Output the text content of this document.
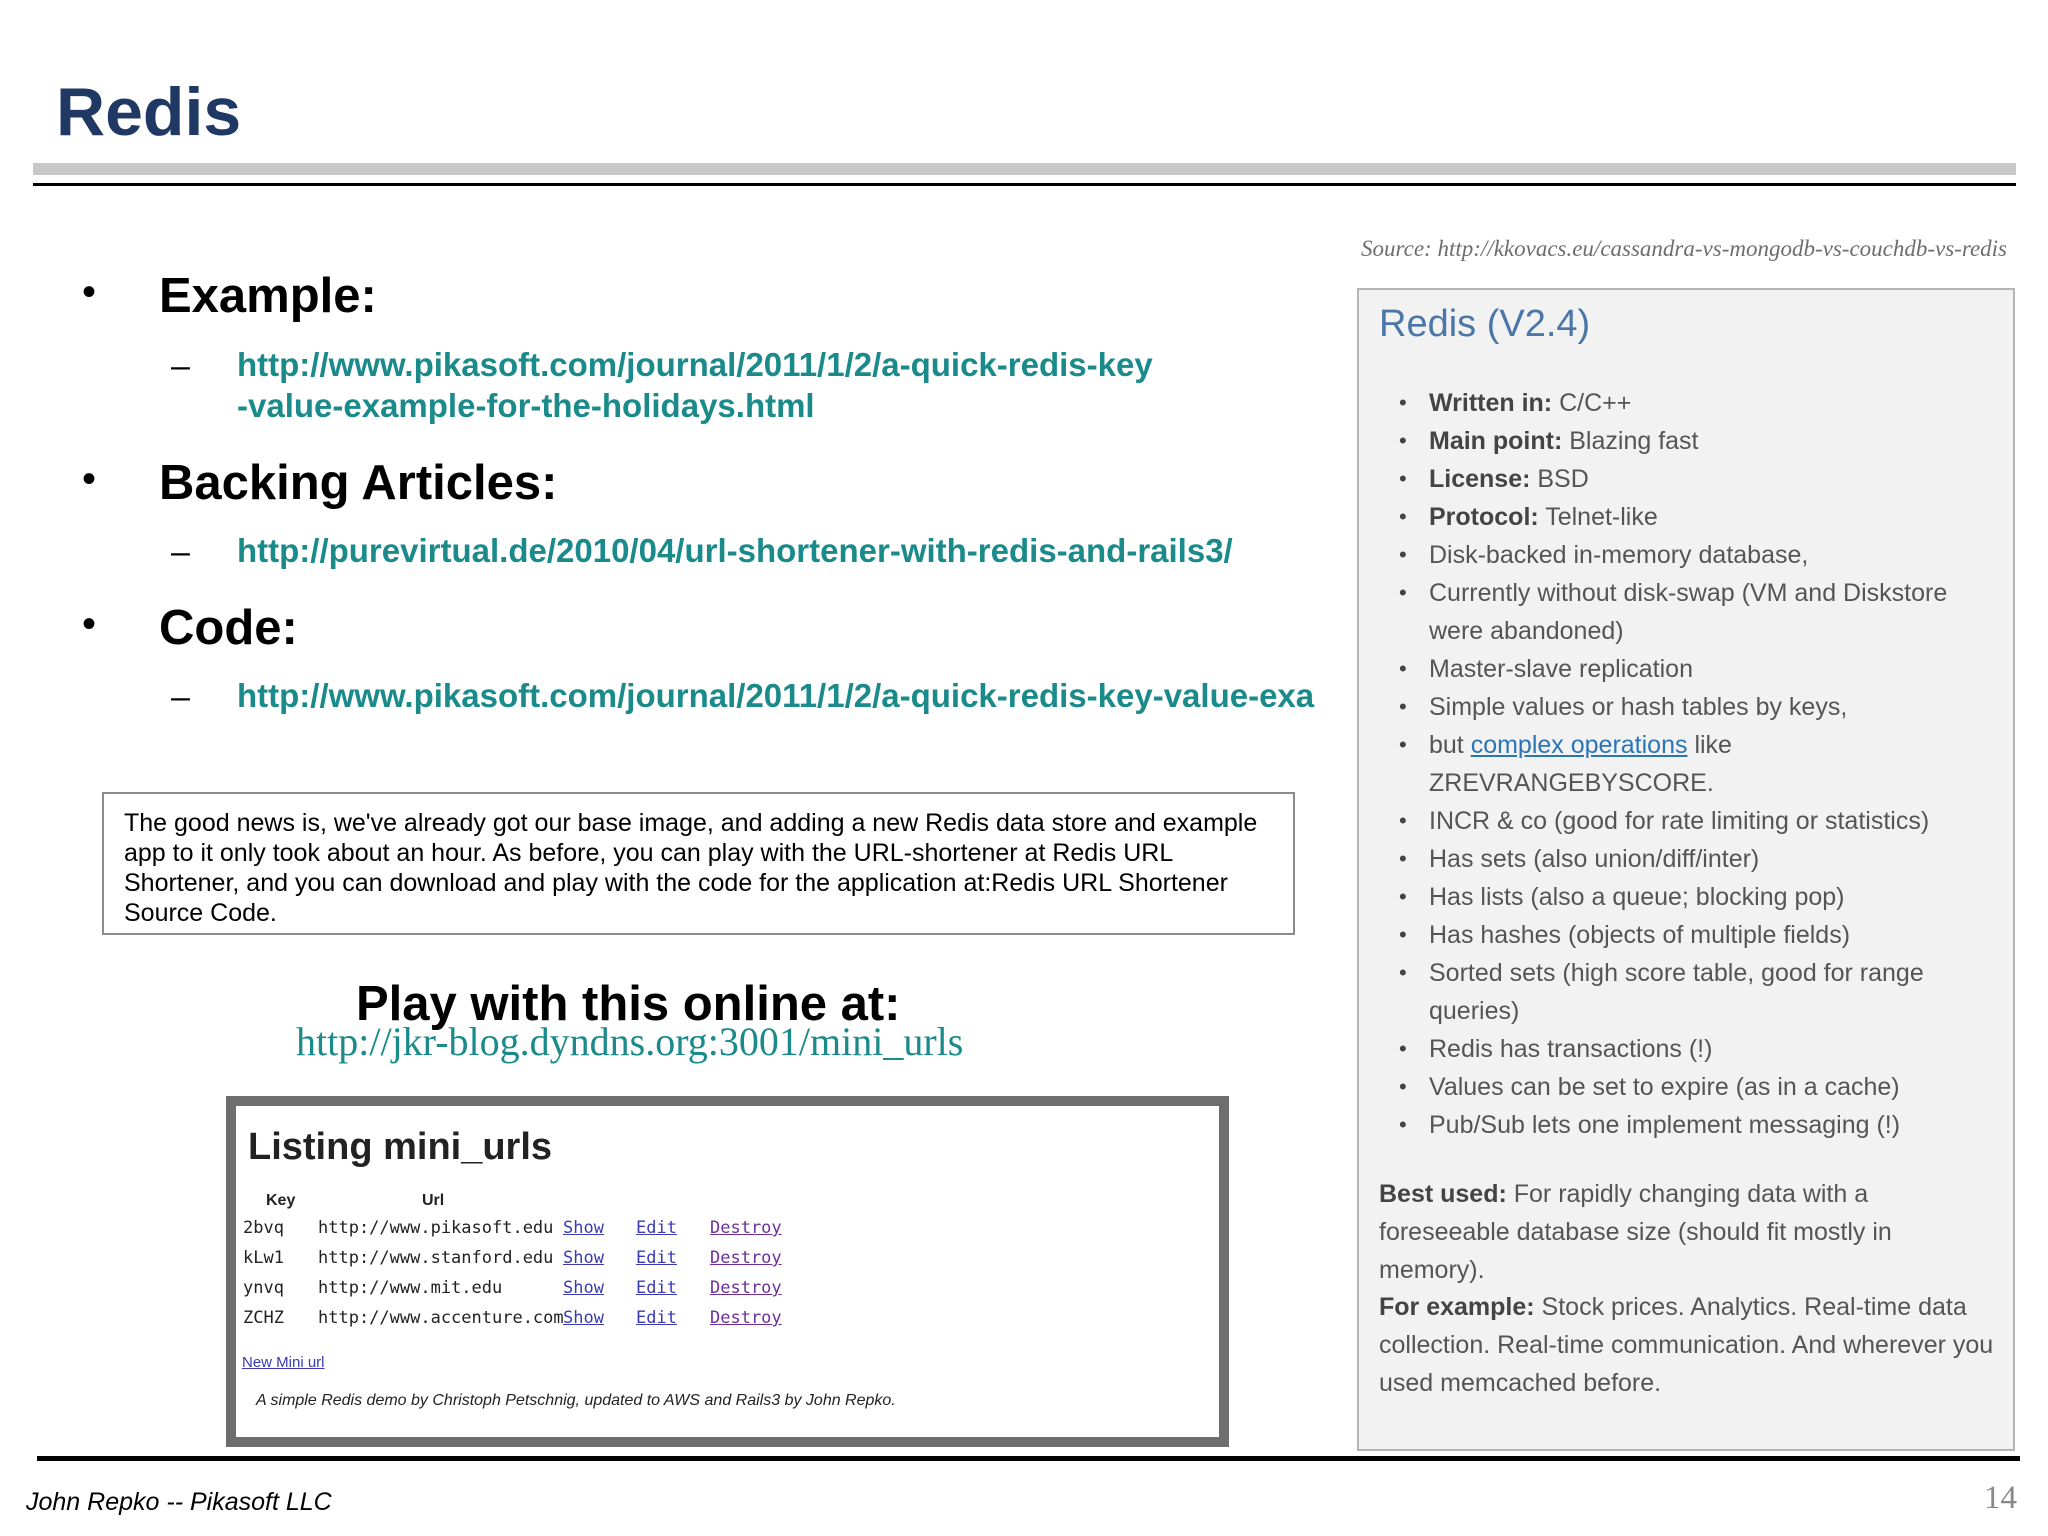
Redis
Source: http://kkovacs.eu/cassandra-vs-mongodb-vs-couchdb-vs-redis
• Example:
– http://www.pikasoft.com/journal/2011/1/2/a-quick-redis-key
-value-example-for-the-holidays.html
• Backing Articles:
– http://purevirtual.de/2010/04/url-shortener-with-redis-and-rails3/
• Code:
– http://www.pikasoft.com/journal/2011/1/2/a-quick-redis-key-value-exa

The good news is, we've already got our base image, and adding a new Redis data store and example app to it only took about an hour. As before, you can play with the URL-shortener at Redis URL Shortener, and you can download and play with the code for the application at:Redis URL Shortener Source Code.

Play with this online at:
http://jkr-blog.dyndns.org:3001/mini_urls
Listing mini_urls
Key	Url
2bvq http://www.pikasoft.edu Show Edit Destroy
kLw1 http://www.stanford.edu Show Edit Destroy
ynvq http://www.mit.edu	Show Edit Destroy
ZCHZ http://www.accenture.com Show Edit Destroy
New Mini url
A simple Redis demo by Christoph Petschnig, updated to AWS and Rails3 by John Repko.
Redis (V2.4)
• Written in: C/C++
• Main point: Blazing fast
• License: BSD
• Protocol: Telnet-like
• Disk-backed in-memory database,
• Currently without disk-swap (VM and Diskstore
were abandoned)
• Master-slave replication
• Simple values or hash tables by keys,
• but complex operations like
ZREVRANGEBYSCORE.
• INCR & co (good for rate limiting or statistics)
• Has sets (also union/diff/inter)
• Has lists (also a queue; blocking pop)
• Has hashes (objects of multiple fields)
• Sorted sets (high score table, good for range
queries)
• Redis has transactions (!)
• Values can be set to expire (as in a cache)
• Pub/Sub lets one implement messaging (!)
Best used: For rapidly changing data with a foreseeable database size (should fit mostly in memory).
For example: Stock prices. Analytics. Real-time data collection. Real-time communication. And wherever you used memcached before.
John Repko -- Pikasoft LLC	14
